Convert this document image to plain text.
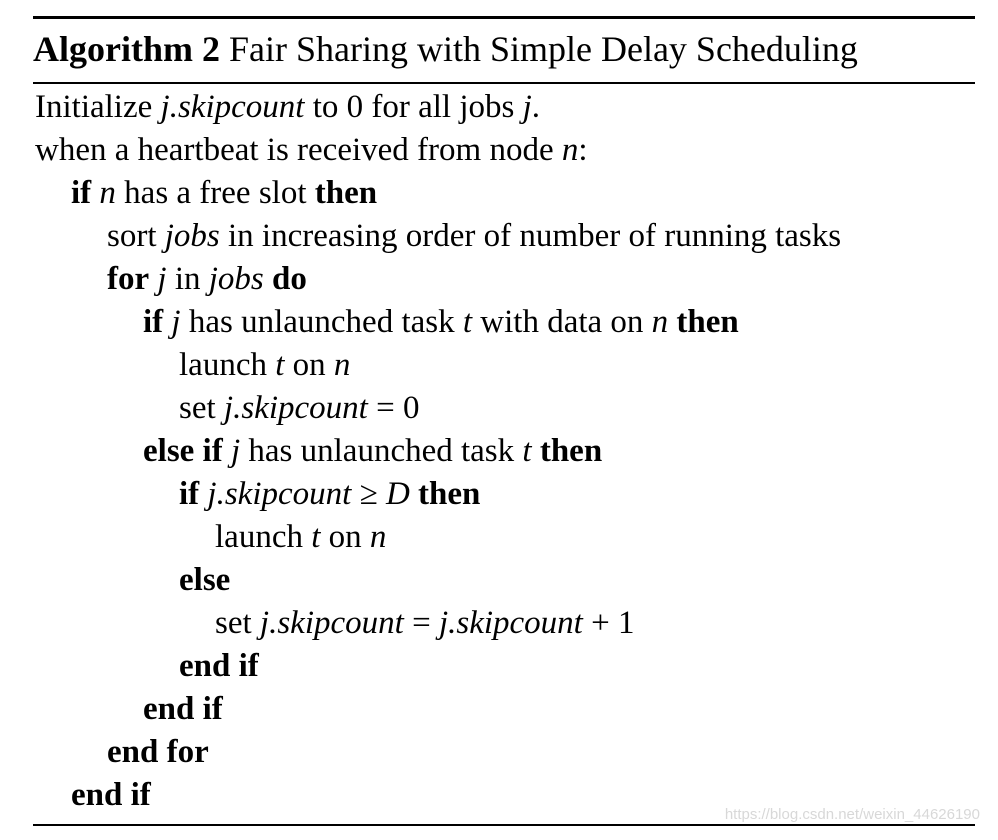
Algorithm 2 Fair Sharing with Simple Delay Scheduling
Initialize j.skipcount to 0 for all jobs j.
when a heartbeat is received from node n:
if n has a free slot then
sort jobs in increasing order of number of running tasks
for j in jobs do
if j has unlaunched task t with data on n then
launch t on n
set j.skipcount = 0
else if j has unlaunched task t then
if j.skipcount ≥ D then
launch t on n
else
set j.skipcount = j.skipcount + 1
end if
end if
end for
end if
https://blog.csdn.net/weixin_44626190
